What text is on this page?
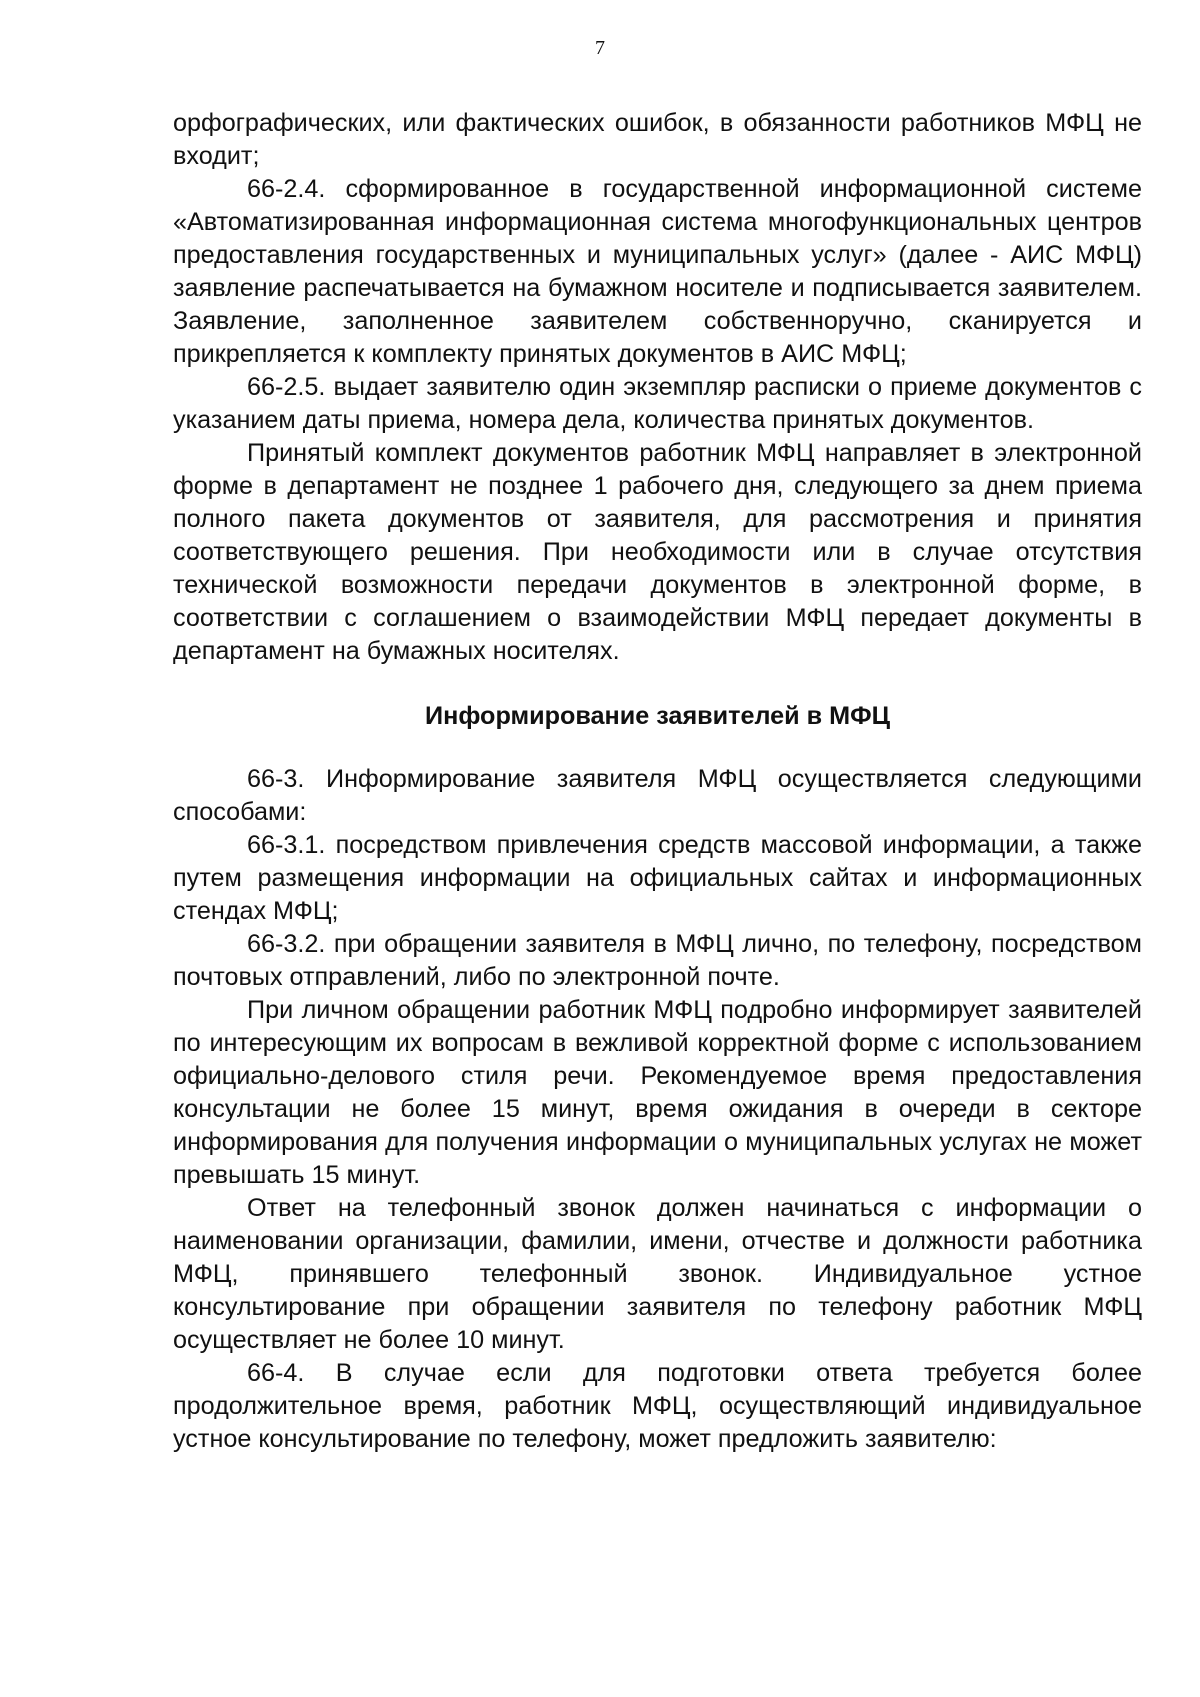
7

орфографических, или фактических ошибок, в обязанности работников МФЦ не входит;

66-2.4. сформированное в государственной информационной системе «Автоматизированная информационная система многофункциональных центров предоставления государственных и муниципальных услуг» (далее - АИС МФЦ) заявление распечатывается на бумажном носителе и подписывается заявителем. Заявление, заполненное заявителем собственноручно, сканируется и прикрепляется к комплекту принятых документов в АИС МФЦ;

66-2.5. выдает заявителю один экземпляр расписки о приеме документов с указанием даты приема, номера дела, количества принятых документов.

Принятый комплект документов работник МФЦ направляет в электронной форме в департамент не позднее 1 рабочего дня, следующего за днем приема полного пакета документов от заявителя, для рассмотрения и принятия соответствующего решения. При необходимости или в случае отсутствия технической возможности передачи документов в электронной форме, в соответствии с соглашением о взаимодействии МФЦ передает документы в департамент на бумажных носителях.

Информирование заявителей в МФЦ

66-3. Информирование заявителя МФЦ осуществляется следующими способами:

66-3.1. посредством привлечения средств массовой информации, а также путем размещения информации на официальных сайтах и информационных стендах МФЦ;

66-3.2. при обращении заявителя в МФЦ лично, по телефону, посредством почтовых отправлений, либо по электронной почте.

При личном обращении работник МФЦ подробно информирует заявителей по интересующим их вопросам в вежливой корректной форме с использованием официально-делового стиля речи. Рекомендуемое время предоставления консультации не более 15 минут, время ожидания в очереди в секторе информирования для получения информации о муниципальных услугах не может превышать 15 минут.

Ответ на телефонный звонок должен начинаться с информации о наименовании организации, фамилии, имени, отчестве и должности работника МФЦ, принявшего телефонный звонок. Индивидуальное устное консультирование при обращении заявителя по телефону работник МФЦ осуществляет не более 10 минут.

66-4. В случае если для подготовки ответа требуется более продолжительное время, работник МФЦ, осуществляющий индивидуальное устное консультирование по телефону, может предложить заявителю:
